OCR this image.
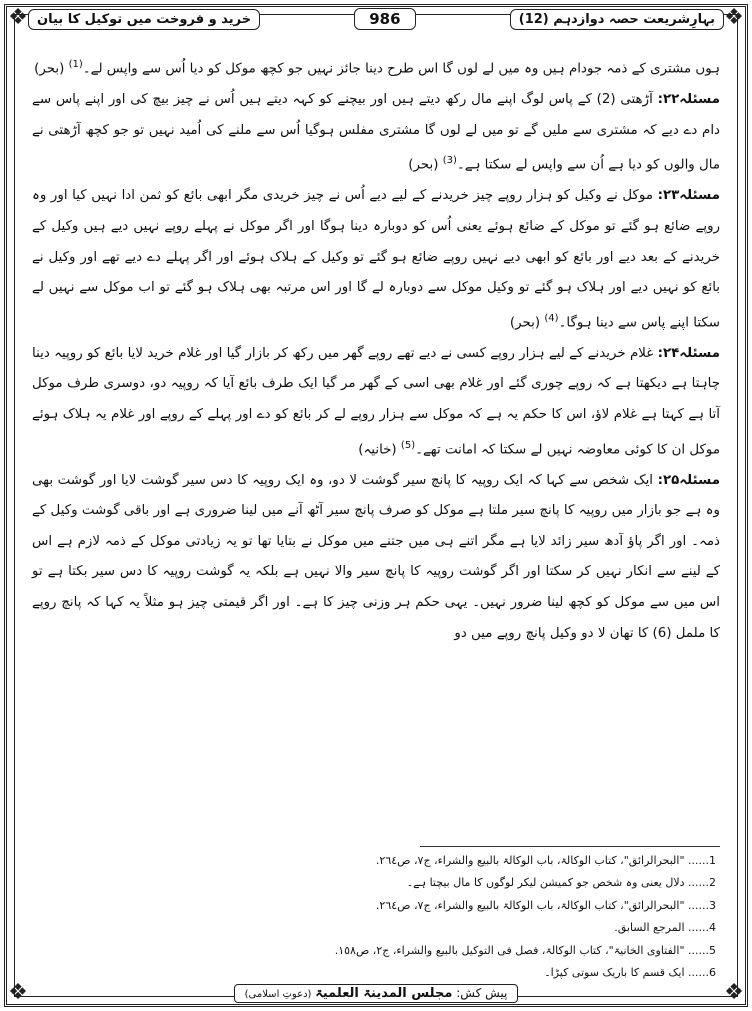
❖	❖
❖	❖
بہارِشریعت حصہ دوازدہم (12)
986
خرید و فروخت میں توکیل کا بیان

ہوں مشتری کے ذمہ جودام ہیں وہ میں لے لوں گا اس طرح دینا جائز نہیں جو کچھ موکل کو دیا اُس سے واپس لے۔$^{(1)}$ (بحر)

مسئلہ۲۲: آڑھتی (2) کے پاس لوگ اپنے مال رکھ دیتے ہیں اور بیچنے کو کہہ دیتے ہیں اُس نے چیز بیچ کی اور اپنے پاس سے دام دے دیے کہ مشتری سے ملیں گے تو میں لے لوں گا مشتری مفلس ہوگیا اُس سے ملنے کی اُمید نہیں تو جو کچھ آڑھتی نے مال والوں کو دیا ہے اُن سے واپس لے سکتا ہے۔$^{(3)}$ (بحر)

مسئلہ۲۳: موکل نے وکیل کو ہزار روپے چیز خریدنے کے لیے دیے اُس نے چیز خریدی مگر ابھی بائع کو ثمن ادا نہیں کیا اور وہ روپے ضائع ہو گئے تو موکل کے ضائع ہوئے یعنی اُس کو دوبارہ دینا ہوگا اور اگر موکل نے پہلے روپے نہیں دیے ہیں وکیل کے خریدنے کے بعد دیے اور بائع کو ابھی دیے نہیں روپے ضائع ہو گئے تو وکیل کے ہلاک ہوئے اور اگر پہلے دے دیے تھے اور وکیل نے بائع کو نہیں دیے اور ہلاک ہو گئے تو وکیل موکل سے دوبارہ لے گا اور اس مرتبہ بھی ہلاک ہو گئے تو اب موکل سے نہیں لے سکتا اپنے پاس سے دینا ہوگا۔$^{(4)}$ (بحر)

مسئلہ۲۴: غلام خریدنے کے لیے ہزار روپے کسی نے دیے تھے روپے گھر میں رکھ کر بازار گیا اور غلام خرید لایا بائع کو روپیہ دینا چاہتا ہے دیکھتا ہے کہ روپے چوری گئے اور غلام بھی اسی کے گھر مر گیا ایک طرف بائع آیا کہ روپیہ دو، دوسری طرف موکل آتا ہے کہتا ہے غلام لاؤ، اس کا حکم یہ ہے کہ موکل سے ہزار روپے لے کر بائع کو دے اور پہلے کے روپے اور غلام یہ ہلاک ہوئے موکل ان کا کوئی معاوضہ نہیں لے سکتا کہ امانت تھے۔$^{(5)}$ (خانیہ)

مسئلہ۲۵: ایک شخص سے کہا کہ ایک روپیہ کا پانچ سیر گوشت لا دو، وہ ایک روپیہ کا دس سیر گوشت لایا اور گوشت بھی وہ ہے جو بازار میں روپیہ کا پانچ سیر ملتا ہے موکل کو صرف پانچ سیر آٹھ آنے میں لینا ضروری ہے اور باقی گوشت وکیل کے ذمہ۔ اور اگر پاؤ آدھ سیر زائد لایا ہے مگر اتنے ہی میں جتنے میں موکل نے بتایا تھا تو یہ زیادتی موکل کے ذمہ لازم ہے اس کے لینے سے انکار نہیں کر سکتا اور اگر گوشت روپیہ کا پانچ سیر والا نہیں ہے بلکہ یہ گوشت روپیہ کا دس سیر بکتا ہے تو اس میں سے موکل کو کچھ لینا ضرور نہیں۔ یہی حکم ہر وزنی چیز کا ہے۔ اور اگر قیمتی چیز ہو مثلاً یہ کہا کہ پانچ روپے کا ململ (6) کا تھان لا دو وکیل پانچ روپے میں دو

1...... "البحرالرائق"، کتاب الوکالۃ، باب الوکالۃ بالبیع والشراء، ج۷، ص۲٦٤.
2...... دلال یعنی وہ شخص جو کمیشن لیکر لوگوں کا مال بیچتا ہے۔
3...... "البحرالرائق"، کتاب الوکالۃ، باب الوکالۃ بالبیع والشراء، ج۷، ص۲٦٤.
4...... المرجع السابق.
5...... "الفتاوی الخانیۃ"، کتاب الوکالۃ، فصل فی التوکیل بالبیع والشراء، ج۲، ص۱٥۸.
6...... ایک قسم کا باریک سوتی کپڑا۔
پیش کش: مجلس المدینۃ العلمیۃ (دعوتِ اسلامی)
